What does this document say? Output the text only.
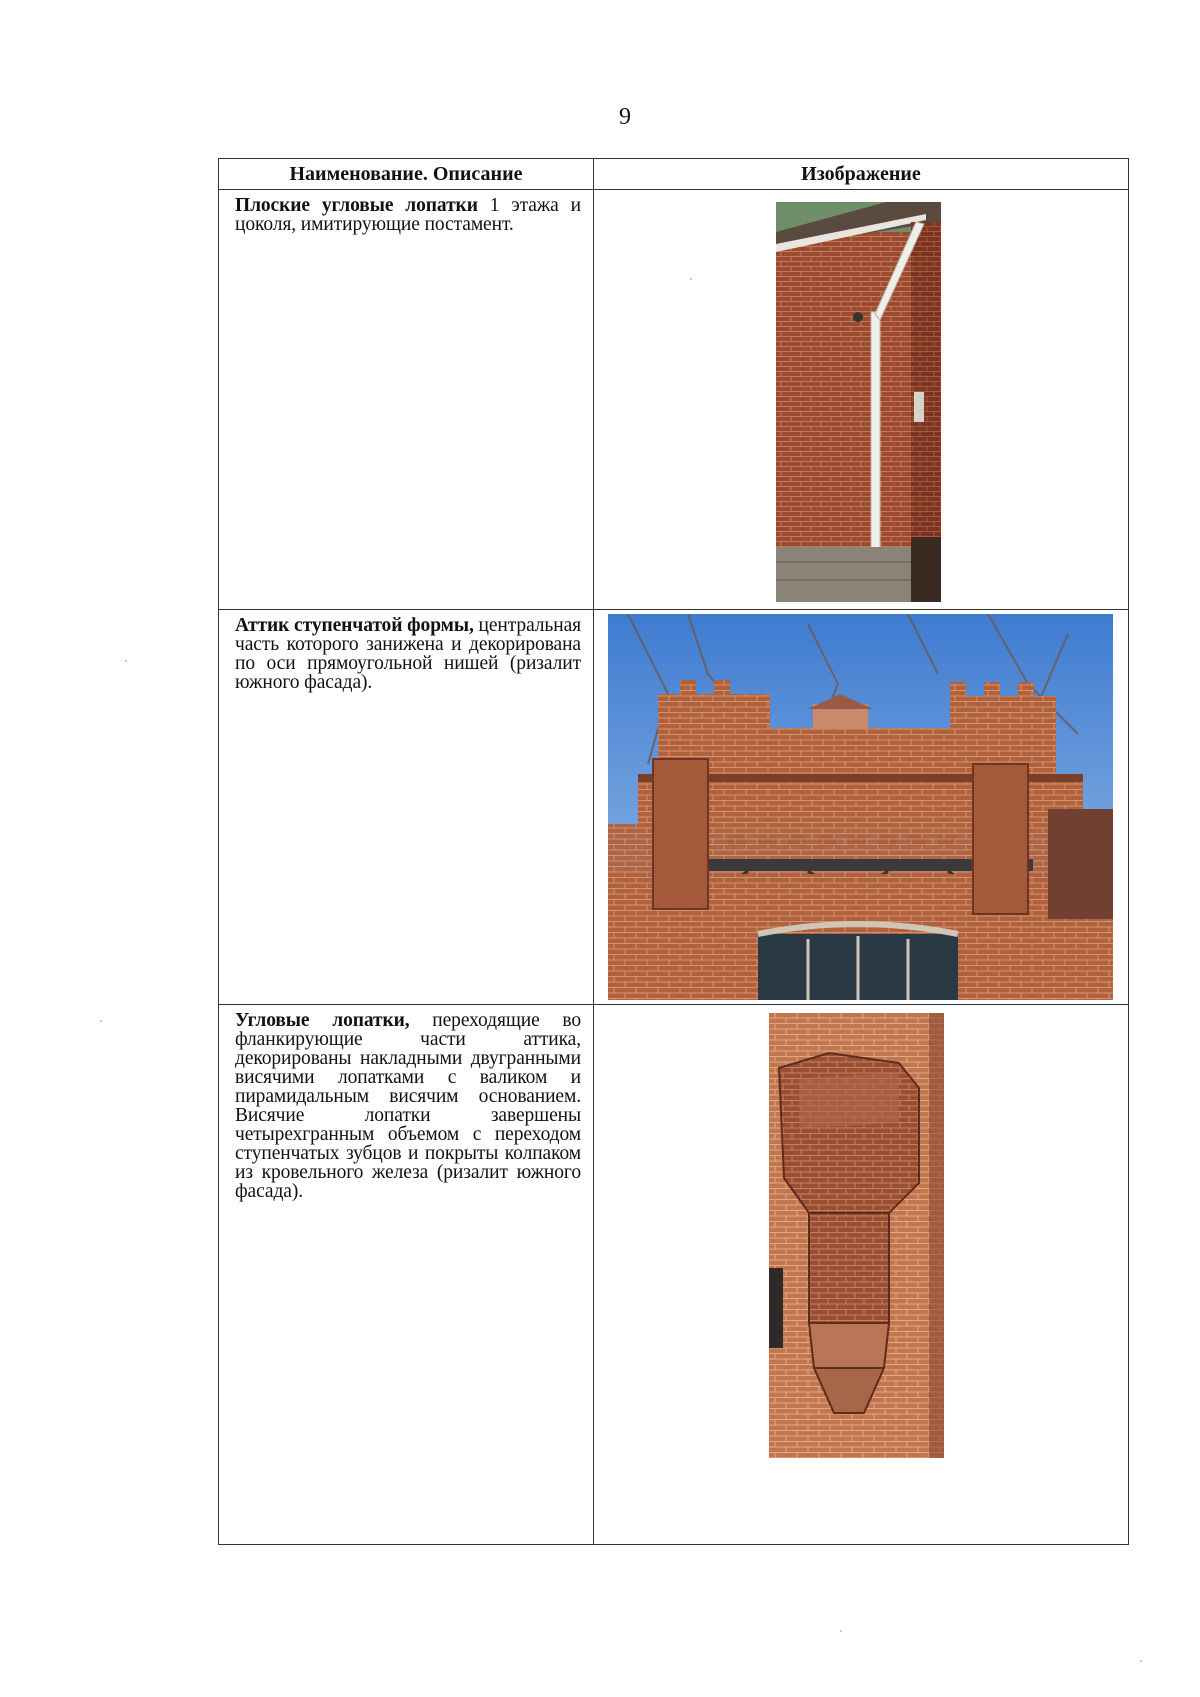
9
Наименование. Описание	Изображение

Плоские угловые лопатки 1 этажа и цоколя, имитирующие постамент.

Аттик ступенчатой формы, центральная часть которого занижена и декорирована по оси прямоугольной нишей (ризалит южного фасада).

Угловые лопатки, переходящие во фланкирующие части аттика, декорированы накладными двугранными висячими лопатками с валиком и пирамидальным висячим основанием. Висячие лопатки завершены четырехгранным объемом с переходом ступенчатых зубцов и покрыты колпаком из кровельного железа (ризалит южного фасада).
